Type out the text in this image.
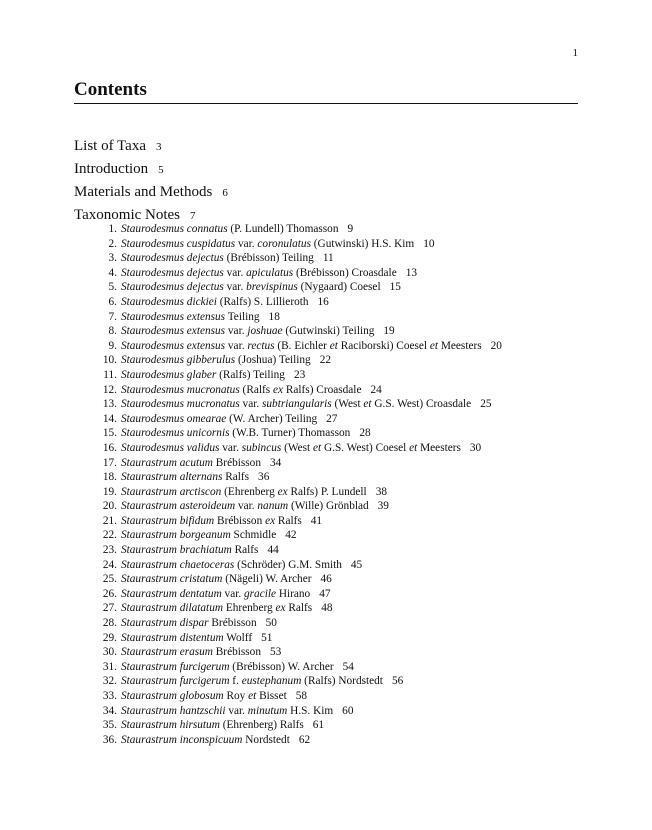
1
Contents
List of Taxa 3
Introduction 5
Materials and Methods 6
Taxonomic Notes 7
1. Staurodesmus connatus (P. Lundell) Thomasson 9
2. Staurodesmus cuspidatus var. coronulatus (Gutwinski) H.S. Kim 10
3. Staurodesmus dejectus (Brébisson) Teiling 11
4. Staurodesmus dejectus var. apiculatus (Brébisson) Croasdale 13
5. Staurodesmus dejectus var. brevispinus (Nygaard) Coesel 15
6. Staurodesmus dickiei (Ralfs) S. Lillieroth 16
7. Staurodesmus extensus Teiling 18
8. Staurodesmus extensus var. joshuae (Gutwinski) Teiling 19
9. Staurodesmus extensus var. rectus (B. Eichler et Raciborski) Coesel et Meesters 20
10. Staurodesmus gibberulus (Joshua) Teiling 22
11. Staurodesmus glaber (Ralfs) Teiling 23
12. Staurodesmus mucronatus (Ralfs ex Ralfs) Croasdale 24
13. Staurodesmus mucronatus var. subtriangularis (West et G.S. West) Croasdale 25
14. Staurodesmus omearae (W. Archer) Teiling 27
15. Staurodesmus unicornis (W.B. Turner) Thomasson 28
16. Staurodesmus validus var. subincus (West et G.S. West) Coesel et Meesters 30
17. Staurastrum acutum Brébisson 34
18. Staurastrum alternans Ralfs 36
19. Staurastrum arctiscon (Ehrenberg ex Ralfs) P. Lundell 38
20. Staurastrum asteroideum var. nanum (Wille) Grönblad 39
21. Staurastrum bifidum Brébisson ex Ralfs 41
22. Staurastrum borgeanum Schmidle 42
23. Staurastrum brachiatum Ralfs 44
24. Staurastrum chaetoceras (Schröder) G.M. Smith 45
25. Staurastrum cristatum (Nägeli) W. Archer 46
26. Staurastrum dentatum var. gracile Hirano 47
27. Staurastrum dilatatum Ehrenberg ex Ralfs 48
28. Staurastrum dispar Brébisson 50
29. Staurastrum distentum Wolff 51
30. Staurastrum erasum Brébisson 53
31. Staurastrum furcigerum (Brébisson) W. Archer 54
32. Staurastrum furcigerum f. eustephanum (Ralfs) Nordstedt 56
33. Staurastrum globosum Roy et Bisset 58
34. Staurastrum hantzschii var. minutum H.S. Kim 60
35. Staurastrum hirsutum (Ehrenberg) Ralfs 61
36. Staurastrum inconspicuum Nordstedt 62
